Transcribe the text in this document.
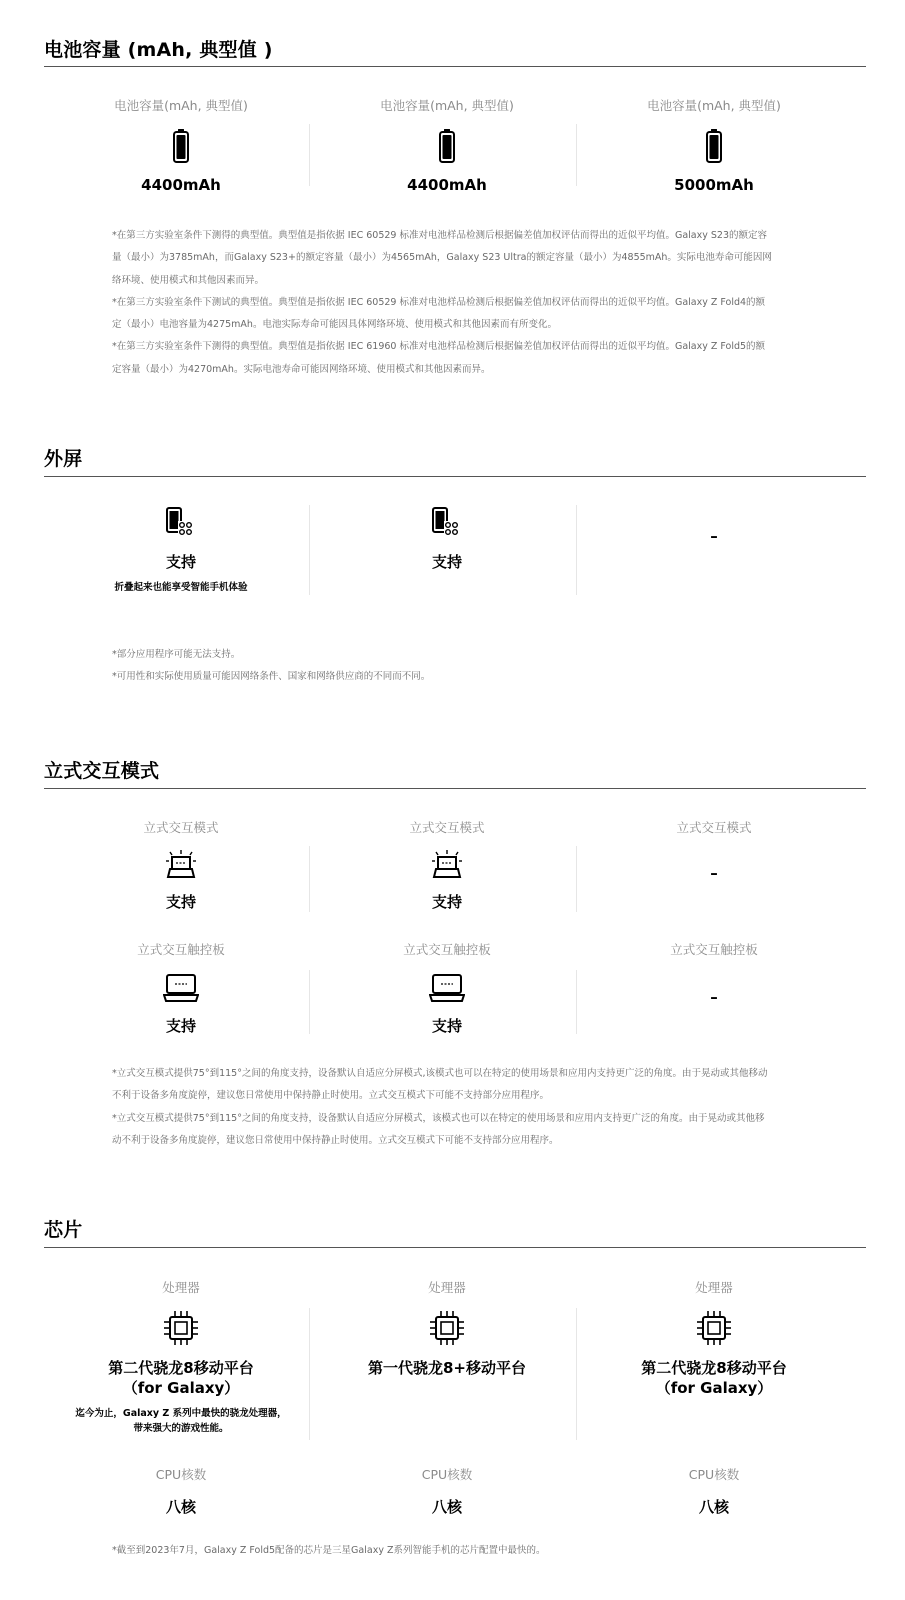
电池容量 (mAh, 典型值 )
电池容量(mAh, 典型值)
4400mAh
电池容量(mAh, 典型值)
4400mAh
电池容量(mAh, 典型值)
5000mAh

*在第三方实验室条件下测得的典型值。典型值是指依据 IEC 60529 标准对电池样品检测后根据偏差值加权评估而得出的近似平均值。Galaxy S23的额定容量（最小）为3785mAh，而Galaxy S23+的额定容量（最小）为4565mAh，Galaxy S23 Ultra的额定容量（最小）为4855mAh。实际电池寿命可能因网络环境、使用模式和其他因素而异。

*在第三方实验室条件下测试的典型值。典型值是指依据 IEC 60529 标准对电池样品检测后根据偏差值加权评估而得出的近似平均值。Galaxy Z Fold4的额定（最小）电池容量为4275mAh。电池实际寿命可能因具体网络环境、使用模式和其他因素而有所变化。

*在第三方实验室条件下测得的典型值。典型值是指依据 IEC 61960 标准对电池样品检测后根据偏差值加权评估而得出的近似平均值。Galaxy Z Fold5的额定容量（最小）为4270mAh。实际电池寿命可能因网络环境、使用模式和其他因素而异。

外屏
支持
折叠起来也能享受智能手机体验
支持
–

*部分应用程序可能无法支持。

*可用性和实际使用质量可能因网络条件、国家和网络供应商的不同而不同。

立式交互模式
立式交互模式
支持
立式交互模式
支持
立式交互模式
–
立式交互触控板
支持
立式交互触控板
支持
立式交互触控板
–

*立式交互模式提供75°到115°之间的角度支持，设备默认自适应分屏模式,该模式也可以在特定的使用场景和应用内支持更广泛的角度。由于晃动或其他移动不利于设备多角度旋停，建议您日常使用中保持静止时使用。立式交互模式下可能不支持部分应用程序。

*立式交互模式提供75°到115°之间的角度支持，设备默认自适应分屏模式，该模式也可以在特定的使用场景和应用内支持更广泛的角度。由于晃动或其他移动不利于设备多角度旋停，建议您日常使用中保持静止时使用。立式交互模式下可能不支持部分应用程序。

芯片
处理器
第二代骁龙8移动平台
（for Galaxy）
迄今为止，Galaxy Z 系列中最快的骁龙处理器，
带来强大的游戏性能。
处理器
第一代骁龙8+移动平台
处理器
第二代骁龙8移动平台
（for Galaxy）
CPU核数
八核
CPU核数
八核
CPU核数
八核

*截至到2023年7月，Galaxy Z Fold5配备的芯片是三星Galaxy Z系列智能手机的芯片配置中最快的。
